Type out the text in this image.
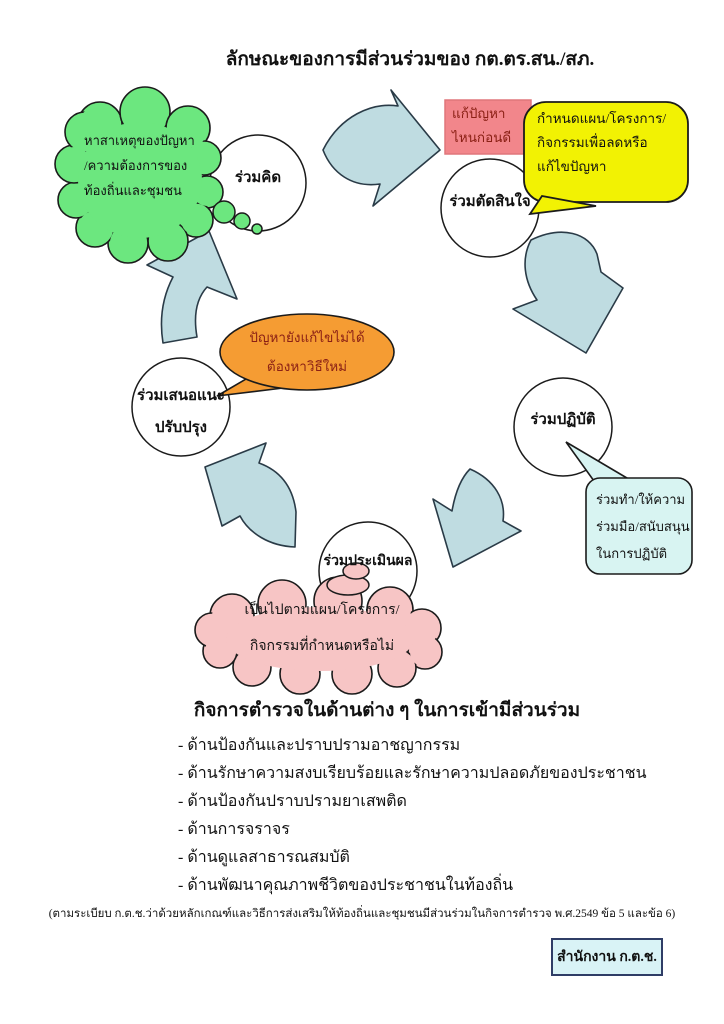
ลักษณะของการมีส่วนร่วมของ กต.ตร.สน./สภ.
หาสาเหตุของปัญหา
/ความต้องการของ
ท้องถิ่นและชุมชน
ร่วมคิด
ร่วมตัดสินใจ
ร่วมปฏิบัติ
ร่วมประเมินผล
ร่วมเสนอแนะ
ปรับปรุง
แก้ปัญหา
ไหนก่อนดี
กำหนดแผน/โครงการ/
กิจกรรมเพื่อลดหรือ
แก้ไขปัญหา
ร่วมทำ/ให้ความ
ร่วมมือ/สนับสนุน
ในการปฏิบัติ
เป็นไปตามแผน/โครงการ/
กิจกรรมที่กำหนดหรือไม่
ปัญหายังแก้ไขไม่ได้
ต้องหาวิธีใหม่
กิจการตำรวจในด้านต่าง ๆ ในการเข้ามีส่วนร่วม
- ด้านป้องกันและปราบปรามอาชญากรรม
- ด้านรักษาความสงบเรียบร้อยและรักษาความปลอดภัยของประชาชน
- ด้านป้องกันปราบปรามยาเสพติด
- ด้านการจราจร
- ด้านดูแลสาธารณสมบัติ
- ด้านพัฒนาคุณภาพชีวิตของประชาชนในท้องถิ่น
(ตามระเบียบ ก.ต.ช.ว่าด้วยหลักเกณฑ์และวิธีการส่งเสริมให้ท้องถิ่นและชุมชนมีส่วนร่วมในกิจการตำรวจ พ.ศ.2549 ข้อ 5 และข้อ 6)
สำนักงาน ก.ต.ช.
